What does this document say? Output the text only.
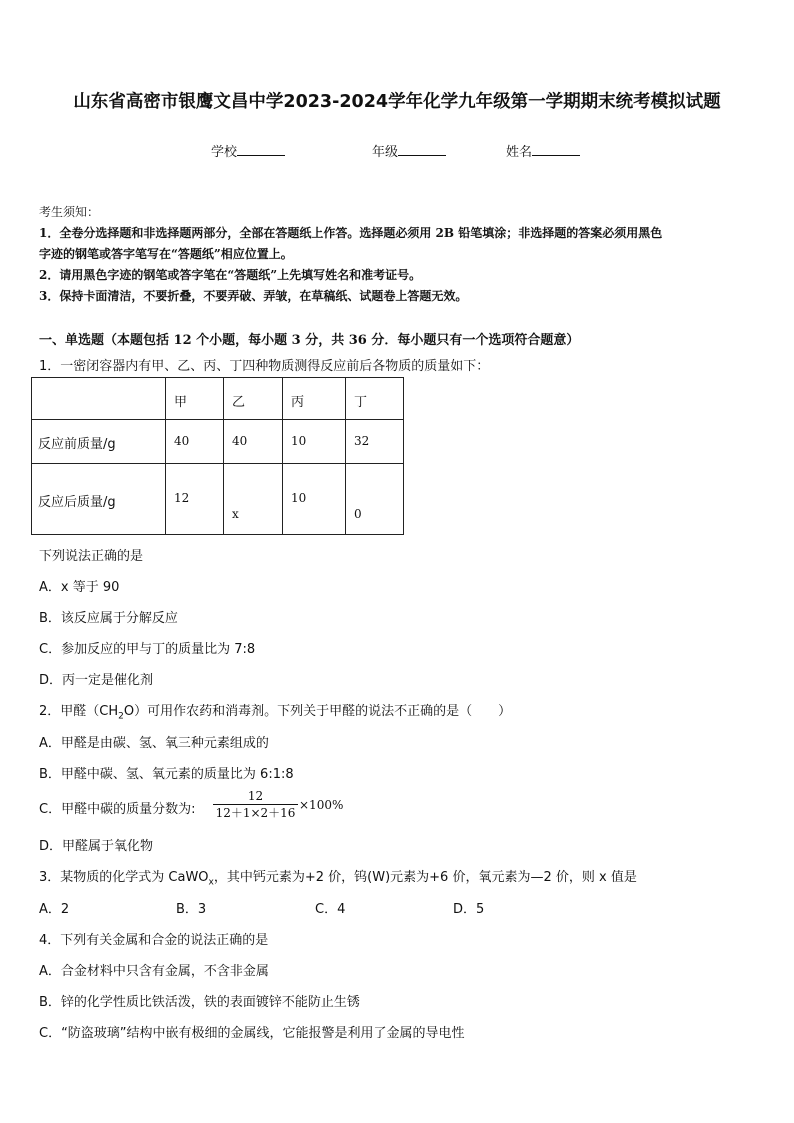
山东省高密市银鹰文昌中学2023-2024学年化学九年级第一学期期末统考模拟试题
学校	年级	姓名
考生须知：
1．全卷分选择题和非选择题两部分，全部在答题纸上作答。选择题必须用 2B 铅笔填涂；非选择题的答案必须用黑色
字迹的钢笔或答字笔写在“答题纸”相应位置上。
2．请用黑色字迹的钢笔或答字笔在“答题纸”上先填写姓名和准考证号。
3．保持卡面清洁，不要折叠，不要弄破、弄皱，在草稿纸、试题卷上答题无效。
一、单选题（本题包括 12 个小题，每小题 3 分，共 36 分．每小题只有一个选项符合题意）
1．一密闭容器内有甲、乙、丙、丁四种物质测得反应前后各物质的质量如下：

	甲	乙	丙	丁

反应前质量/g	40	40	10	32

反应后质量/g	12	x	10	0
下列说法正确的是
A．x 等于 90
B．该反应属于分解反应
C．参加反应的甲与丁的质量比为 7:8
D．丙一定是催化剂
2．甲醛$(CH_2O)$可用作农药和消毒剂。下列关于甲醛的说法不正确的是（　　）
A．甲醛是由碳、氢、氧三种元素组成的
B．甲醛中碳、氢、氧元素的质量比为 6:1:8
C．甲醛中碳的质量分数为:
12
12＋1×2＋16
×100%
D．甲醛属于氧化物
3．某物质的化学式为 CaWO$_x$，其中钙元素为+2 价，钨(W)元素为+6 价，氧元素为—2 价，则 x 值是
A．2	B．3	C．4	D．5
4．下列有关金属和合金的说法正确的是
A．合金材料中只含有金属，不含非金属
B．锌的化学性质比铁活泼，铁的表面镀锌不能防止生锈
C．“防盗玻璃”结构中嵌有极细的金属线，它能报警是利用了金属的导电性
